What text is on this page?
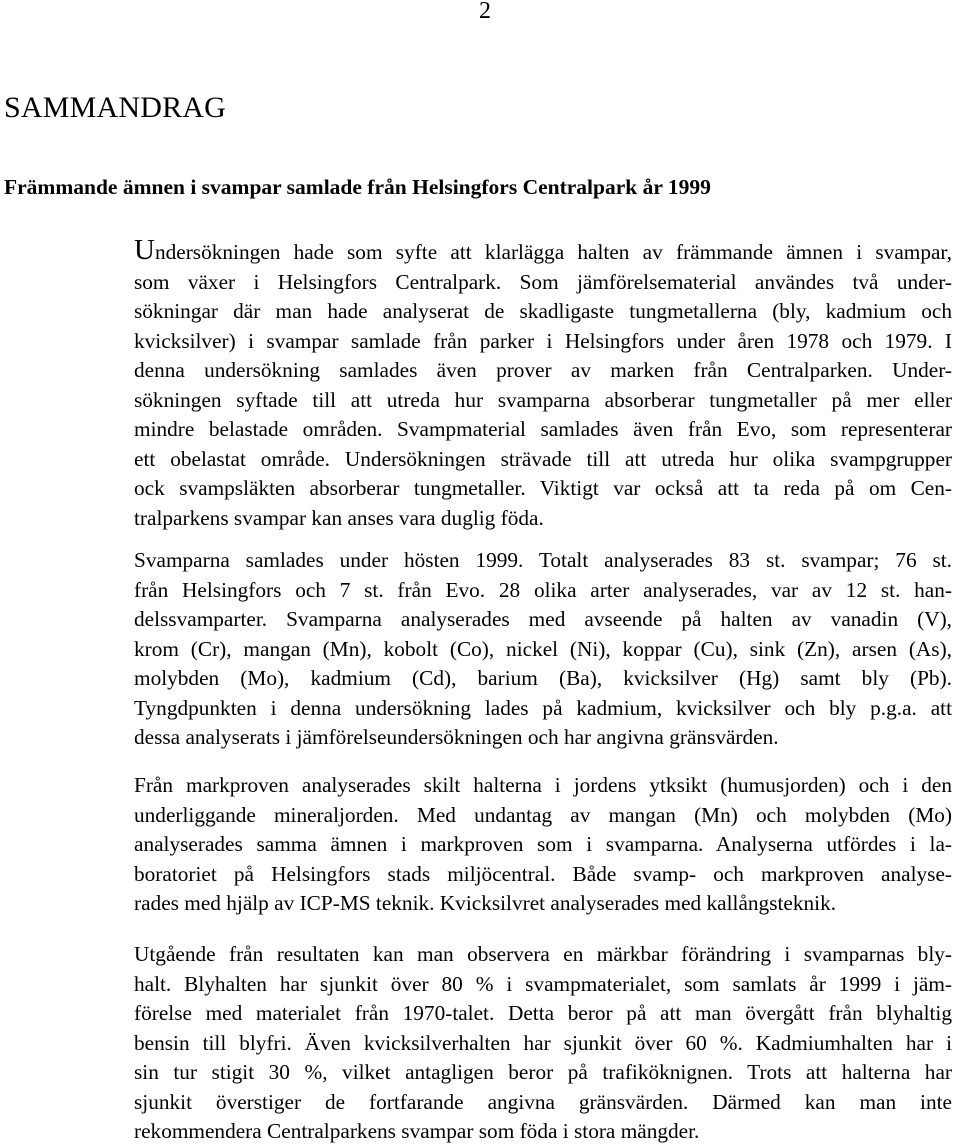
2
SAMMANDRAG
Främmande ämnen i svampar samlade från Helsingfors Centralpark år 1999
Undersökningen hade som syfte att klarlägga halten av främmande ämnen i svampar,
som växer i Helsingfors Centralpark. Som jämförelsematerial användes två under-
sökningar där man hade analyserat de skadligaste tungmetallerna (bly, kadmium och
kvicksilver) i svampar samlade från parker i Helsingfors under åren 1978 och 1979. I
denna undersökning samlades även prover av marken från Centralparken. Under-
sökningen syftade till att utreda hur svamparna absorberar tungmetaller på mer eller
mindre belastade områden. Svampmaterial samlades även från Evo, som representerar
ett obelastat område. Undersökningen strävade till att utreda hur olika svampgrupper
ock svampsläkten absorberar tungmetaller. Viktigt var också att ta reda på om Cen-
tralparkens svampar kan anses vara duglig föda.
Svamparna samlades under hösten 1999. Totalt analyserades 83 st. svampar; 76 st.
från Helsingfors och 7 st. från Evo. 28 olika arter analyserades, var av 12 st. han-
delssvamparter. Svamparna analyserades med avseende på halten av vanadin (V),
krom (Cr), mangan (Mn), kobolt (Co), nickel (Ni), koppar (Cu), sink (Zn), arsen (As),
molybden (Mo), kadmium (Cd), barium (Ba), kvicksilver (Hg) samt bly (Pb).
Tyngdpunkten i denna undersökning lades på kadmium, kvicksilver och bly p.g.a. att
dessa analyserats i jämförelseundersökningen och har angivna gränsvärden.
Från markproven analyserades skilt halterna i jordens ytksikt (humusjorden) och i den
underliggande mineraljorden. Med undantag av mangan (Mn) och molybden (Mo)
analyserades samma ämnen i markproven som i svamparna. Analyserna utfördes i la-
boratoriet på Helsingfors stads miljöcentral. Både svamp- och markproven analyse-
rades med hjälp av ICP-MS teknik. Kvicksilvret analyserades med kallångsteknik.
Utgående från resultaten kan man observera en märkbar förändring i svamparnas bly-
halt. Blyhalten har sjunkit över 80 % i svampmaterialet, som samlats år 1999 i jäm-
förelse med materialet från 1970-talet. Detta beror på att man övergått från blyhaltig
bensin till blyfri. Även kvicksilverhalten har sjunkit över 60 %. Kadmiumhalten har i
sin tur stigit 30 %, vilket antagligen beror på trafiköknignen. Trots att halterna har
sjunkit överstiger de fortfarande angivna gränsvärden. Därmed kan man inte
rekommendera Centralparkens svampar som föda i stora mängder.
